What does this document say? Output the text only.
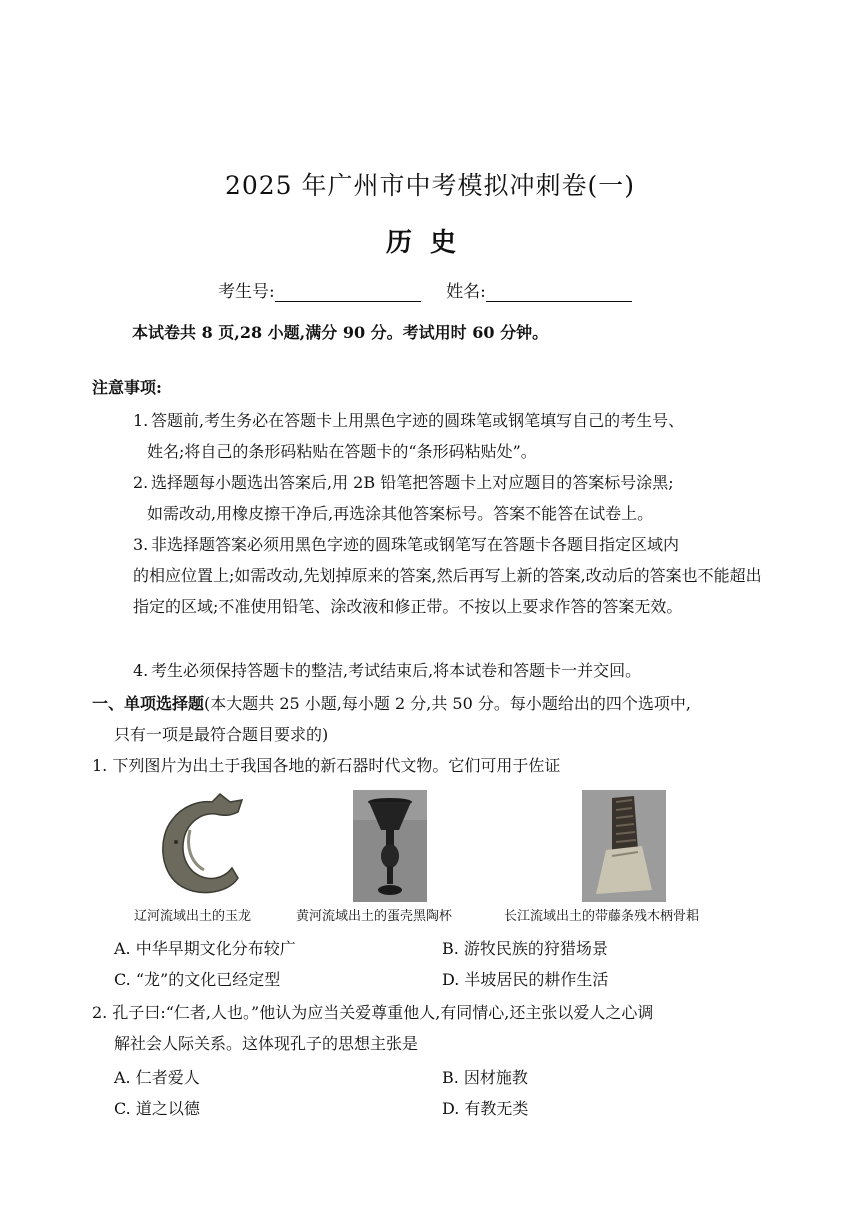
2025 年广州市中考模拟冲刺卷(一)
历史
考生号:	姓名:
本试卷共 8 页,28 小题,满分 90 分。考试用时 60 分钟。
注意事项:
1. 答题前,考生务必在答题卡上用黑色字迹的圆珠笔或钢笔填写自己的考生号、
姓名;将自己的条形码粘贴在答题卡的“条形码粘贴处”。
2. 选择题每小题选出答案后,用 2B 铅笔把答题卡上对应题目的答案标号涂黑;
如需改动,用橡皮擦干净后,再选涂其他答案标号。答案不能答在试卷上。
3. 非选择题答案必须用黑色字迹的圆珠笔或钢笔写在答题卡各题目指定区域内
的相应位置上;如需改动,先划掉原来的答案,然后再写上新的答案,改动后的答案也不能超出指定的区域;不准使用铅笔、涂改液和修正带。不按以上要求作答的答案无效。
4. 考生必须保持答题卡的整洁,考试结束后,将本试卷和答题卡一并交回。
一、单项选择题(本大题共 25 小题,每小题 2 分,共 50 分。每小题给出的四个选项中,
只有一项是最符合题目要求的)
1. 下列图片为出土于我国各地的新石器时代文物。它们可用于佐证
辽河流域出土的玉龙	黄河流域出土的蛋壳黑陶杯	长江流域出土的带藤条残木柄骨耜
A. 中华早期文化分布较广	B. 游牧民族的狩猎场景
C. “龙”的文化已经定型	D. 半坡居民的耕作生活
2. 孔子曰:“仁者,人也。”他认为应当关爱尊重他人,有同情心,还主张以爱人之心调
解社会人际关系。这体现孔子的思想主张是
A. 仁者爱人	B. 因材施教
C. 道之以德	D. 有教无类
